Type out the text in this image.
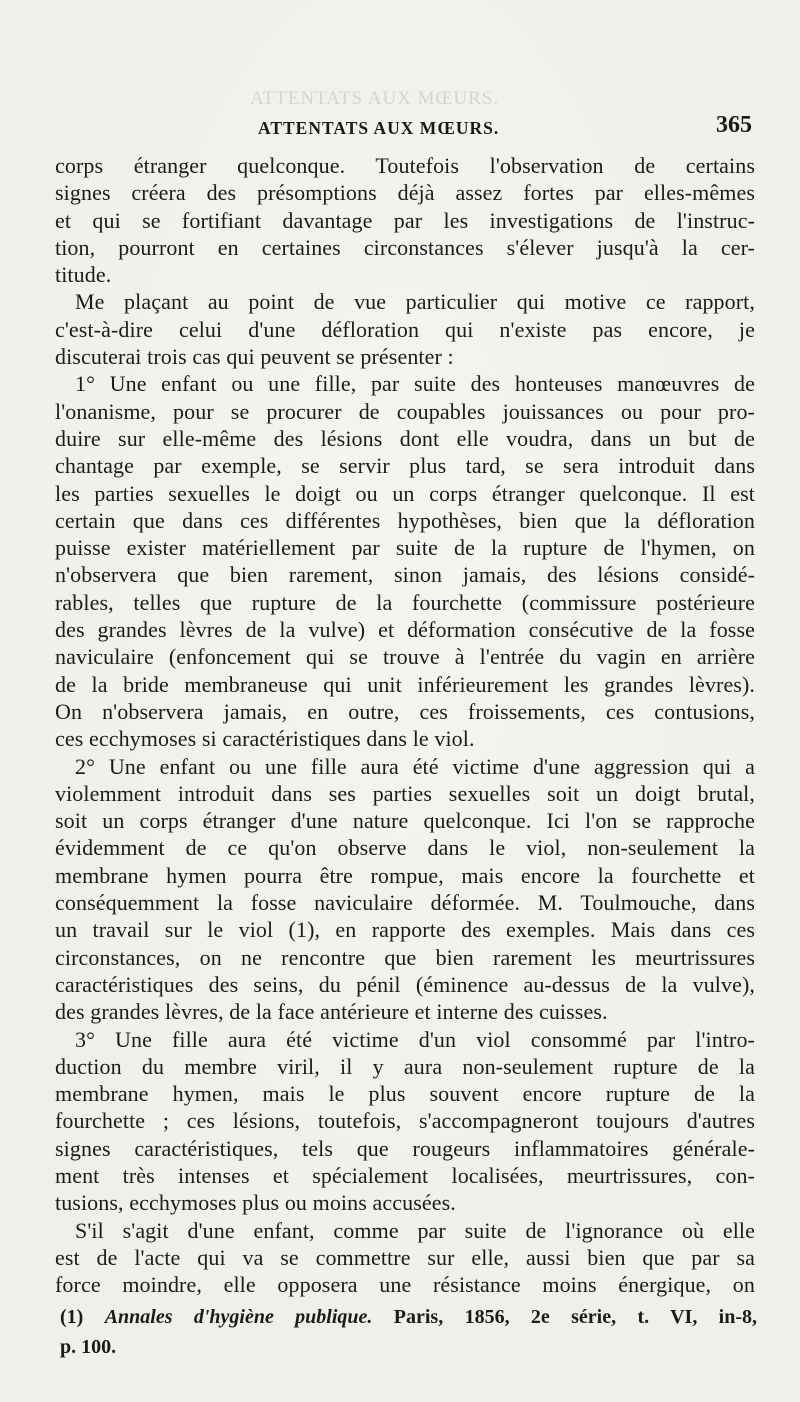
ATTENTATS AUX MŒURS.
ATTENTATS AUX MŒURS.	365
corps étranger quelconque. Toutefois l'observation de certains
signes créera des présomptions déjà assez fortes par elles-mêmes
et qui se fortifiant davantage par les investigations de l'instruc-
tion, pourront en certaines circonstances s'élever jusqu'à la cer-
titude.
Me plaçant au point de vue particulier qui motive ce rapport,
c'est-à-dire celui d'une défloration qui n'existe pas encore, je
discuterai trois cas qui peuvent se présenter :
1° Une enfant ou une fille, par suite des honteuses manœuvres de
l'onanisme, pour se procurer de coupables jouissances ou pour pro-
duire sur elle-même des lésions dont elle voudra, dans un but de
chantage par exemple, se servir plus tard, se sera introduit dans
les parties sexuelles le doigt ou un corps étranger quelconque. Il est
certain que dans ces différentes hypothèses, bien que la défloration
puisse exister matériellement par suite de la rupture de l'hymen, on
n'observera que bien rarement, sinon jamais, des lésions considé-
rables, telles que rupture de la fourchette (commissure postérieure
des grandes lèvres de la vulve) et déformation consécutive de la fosse
naviculaire (enfoncement qui se trouve à l'entrée du vagin en arrière
de la bride membraneuse qui unit inférieurement les grandes lèvres).
On n'observera jamais, en outre, ces froissements, ces contusions,
ces ecchymoses si caractéristiques dans le viol.
2° Une enfant ou une fille aura été victime d'une aggression qui a
violemment introduit dans ses parties sexuelles soit un doigt brutal,
soit un corps étranger d'une nature quelconque. Ici l'on se rapproche
évidemment de ce qu'on observe dans le viol, non-seulement la
membrane hymen pourra être rompue, mais encore la fourchette et
conséquemment la fosse naviculaire déformée. M. Toulmouche, dans
un travail sur le viol (1), en rapporte des exemples. Mais dans ces
circonstances, on ne rencontre que bien rarement les meurtrissures
caractéristiques des seins, du pénil (éminence au-dessus de la vulve),
des grandes lèvres, de la face antérieure et interne des cuisses.
3° Une fille aura été victime d'un viol consommé par l'intro-
duction du membre viril, il y aura non-seulement rupture de la
membrane hymen, mais le plus souvent encore rupture de la
fourchette ; ces lésions, toutefois, s'accompagneront toujours d'autres
signes caractéristiques, tels que rougeurs inflammatoires générale-
ment très intenses et spécialement localisées, meurtrissures, con-
tusions, ecchymoses plus ou moins accusées.
S'il s'agit d'une enfant, comme par suite de l'ignorance où elle
est de l'acte qui va se commettre sur elle, aussi bien que par sa
force moindre, elle opposera une résistance moins énergique, on
(1) Annales d'hygiène publique. Paris, 1856, 2e série, t. VI, in-8,
p. 100.
